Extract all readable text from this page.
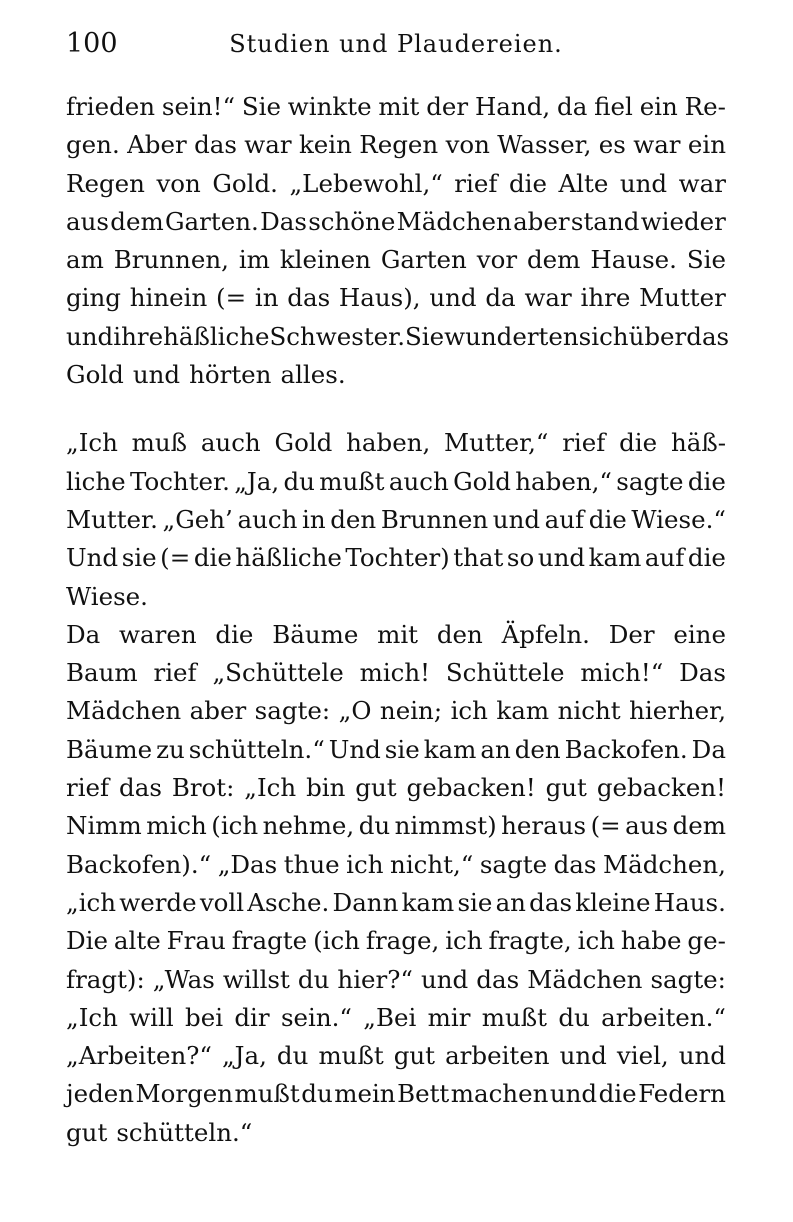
100	Studien und Plaudereien.
frieden sein!“ Sie winkte mit der Hand, da fiel ein Re-
gen. Aber das war kein Regen von Wasser, es war ein
Regen von Gold. „Lebewohl,“ rief die Alte und war
aus dem Garten. Das schöne Mädchen aber stand wieder
am Brunnen, im kleinen Garten vor dem Hause. Sie
ging hinein (= in das Haus), und da war ihre Mutter
und ihre häßliche Schwester. Sie wunderten sich über das
Gold und hörten alles.
„Ich muß auch Gold haben, Mutter,“ rief die häß-
liche Tochter. „Ja, du mußt auch Gold haben,“ sagte die
Mutter. „Geh’ auch in den Brunnen und auf die Wiese.“
Und sie (= die häßliche Tochter) that so und kam auf die
Wiese.
Da waren die Bäume mit den Äpfeln. Der eine
Baum rief „Schüttele mich! Schüttele mich!“ Das
Mädchen aber sagte: „O nein; ich kam nicht hierher,
Bäume zu schütteln.“ Und sie kam an den Backofen. Da
rief das Brot: „Ich bin gut gebacken! gut gebacken!
Nimm mich (ich nehme, du nimmst) heraus (= aus dem
Backofen).“ „Das thue ich nicht,“ sagte das Mädchen,
„ich werde voll Asche. Dann kam sie an das kleine Haus.
Die alte Frau fragte (ich frage, ich fragte, ich habe ge-
fragt): „Was willst du hier?“ und das Mädchen sagte:
„Ich will bei dir sein.“ „Bei mir mußt du arbeiten.“
„Arbeiten?“ „Ja, du mußt gut arbeiten und viel, und
jeden Morgen mußt du mein Bett machen und die Federn
gut schütteln.“
